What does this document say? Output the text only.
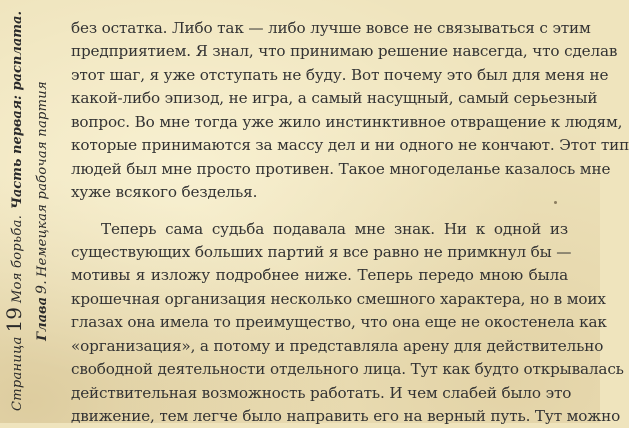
Страница
19
Моя борьба.
Часть первая: расплата.
Глава
9.
Немецкая рабочая партия

без остатка. Либо так — либо лучше вовсе не связываться с этим
предприятием. Я знал, что принимаю решение навсегда, что сделав
этот шаг, я уже отступать не буду. Вот почему это был для меня не
какой-либо эпизод, не игра, а самый насущный, самый серьезный
вопрос. Во мне тогда уже жило инстинктивное отвращение к людям,
которые принимаются за массу дел и ни одного не кончают. Этот тип
людей был мне просто противен. Такое многоделанье казалось мне
хуже всякого безделья.

Теперь сама судьба подавала мне знак. Ни к одной из
существующих больших партий я все равно не примкнул бы —
мотивы я изложу подробнее ниже. Теперь передо мною была
крошечная организация несколько смешного характера, но в моих
глазах она имела то преимущество, что она еще не окостенела как
«организация», а потому и представляла арену для действительно
свободной деятельности отдельного лица. Тут как будто открывалась
действительная возможность работать. И чем слабей было это
движение, тем легче было направить его на верный путь. Тут можно
